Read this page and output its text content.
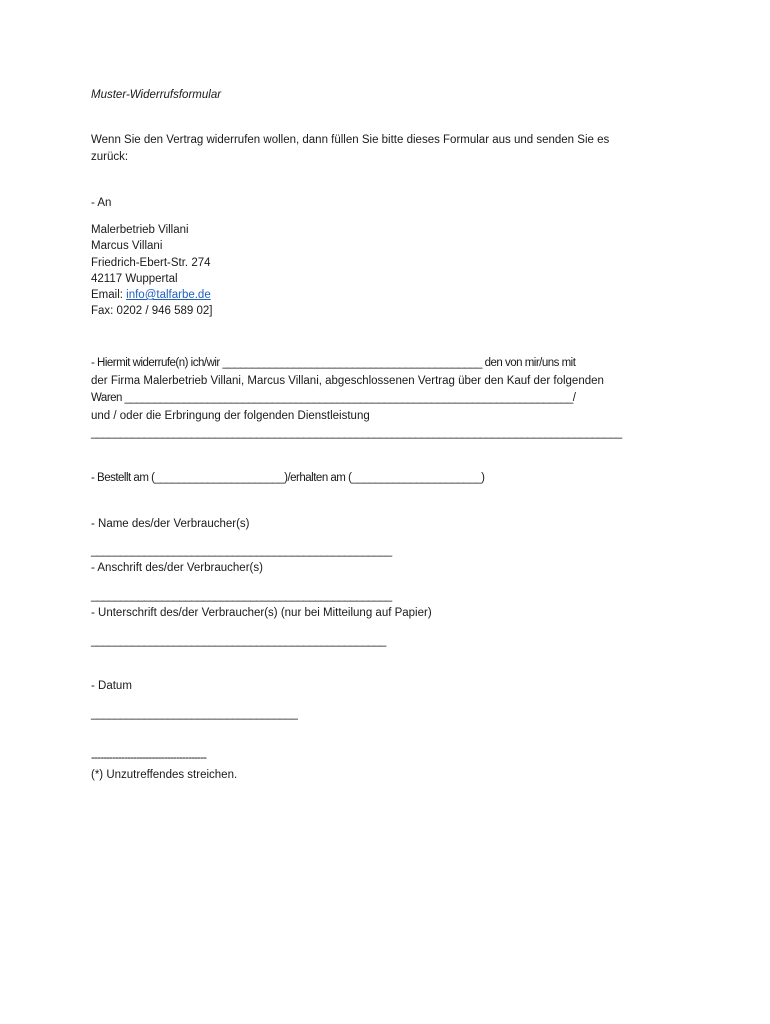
Muster-Widerrufsformular
Wenn Sie den Vertrag widerrufen wollen, dann füllen Sie bitte dieses Formular aus und senden Sie es
zurück:
- An
Malerbetrieb Villani
Marcus Villani
Friedrich-Ebert-Str. 274
42117 Wuppertal
Email: info@talfarbe.de
Fax: 0202 / 946 589 02]
- Hiermit widerrufe(n) ich/wir ____________________________________________ den von mir/uns mit
der Firma Malerbetrieb Villani, Marcus Villani, abgeschlossenen Vertrag über den Kauf der folgenden
Waren ____________________________________________________________________________/
und / oder die Erbringung der folgenden Dienstleistung
__________________________________________________________________________________________
- Bestellt am (______________________)/erhalten am (______________________)
- Name des/der Verbraucher(s)
___________________________________________________
- Anschrift des/der Verbraucher(s)
___________________________________________________
- Unterschrift des/der Verbraucher(s) (nur bei Mitteilung auf Papier)
__________________________________________________
- Datum
___________________________________
--------------------------------------
(*) Unzutreffendes streichen.
